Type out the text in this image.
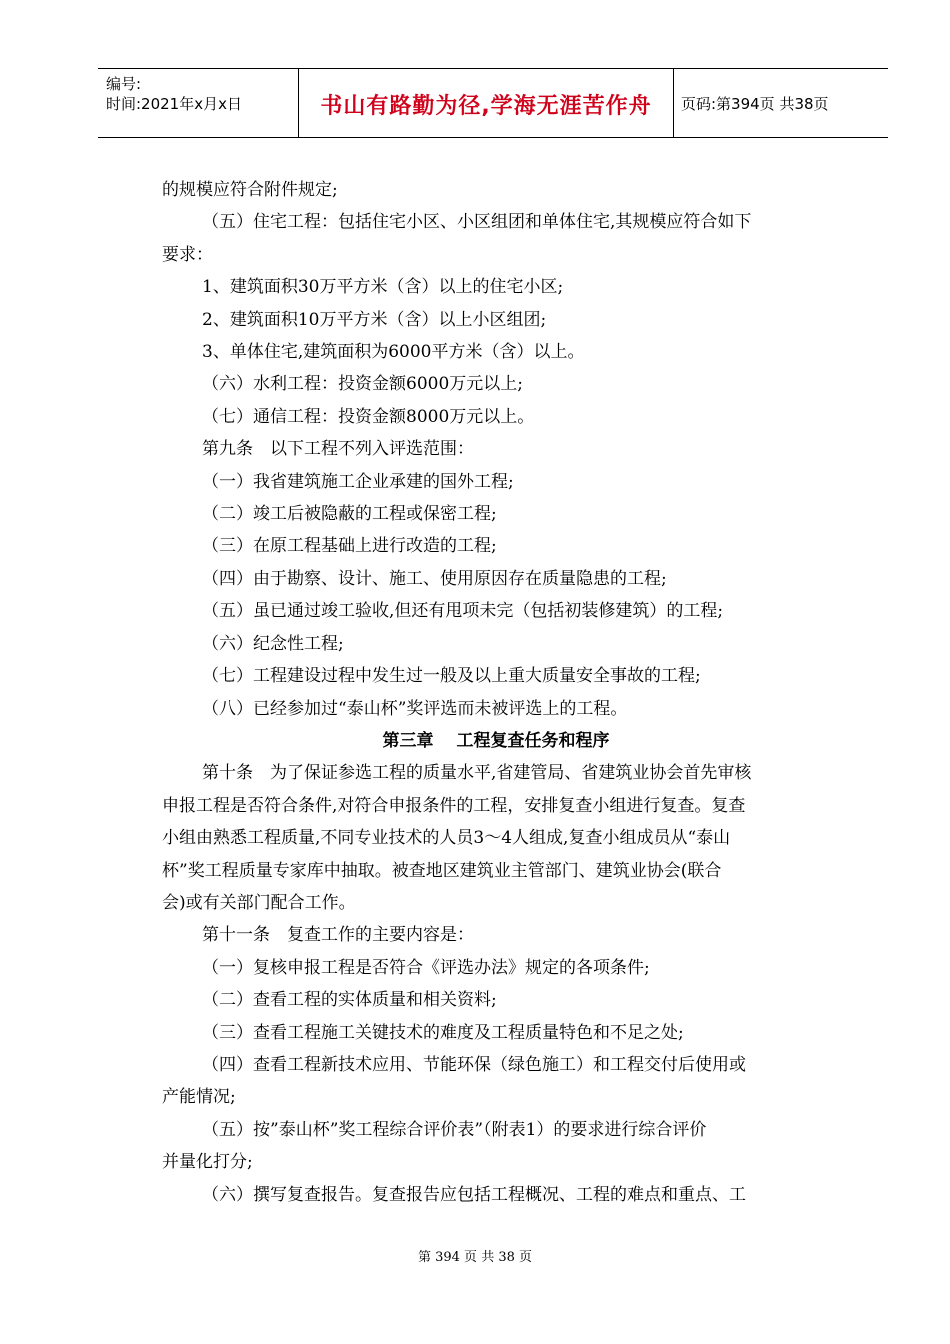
编号:
时间:2021年x月x日	书山有路勤为径,学海无涯苦作舟	页码:第394页 共38页
的规模应符合附件规定;
（五）住宅工程：包括住宅小区、小区组团和单体住宅,其规模应符合如下
要求：
1、建筑面积30万平方米（含）以上的住宅小区;
2、建筑面积10万平方米（含）以上小区组团;
3、单体住宅,建筑面积为6000平方米（含）以上。
（六）水利工程：投资金额6000万元以上;
（七）通信工程：投资金额8000万元以上。
第九条　以下工程不列入评选范围：
（一）我省建筑施工企业承建的国外工程;
（二）竣工后被隐蔽的工程或保密工程;
（三）在原工程基础上进行改造的工程;
（四）由于勘察、设计、施工、使用原因存在质量隐患的工程;
（五）虽已通过竣工验收,但还有甩项未完（包括初装修建筑）的工程;
（六）纪念性工程;
（七）工程建设过程中发生过一般及以上重大质量安全事故的工程;
（八）已经参加过“泰山杯”奖评选而未被评选上的工程。
第三章　 工程复查任务和程序
第十条　为了保证参选工程的质量水平,省建管局、省建筑业协会首先审核
申报工程是否符合条件,对符合申报条件的工程，安排复查小组进行复查。复查
小组由熟悉工程质量,不同专业技术的人员3～4人组成,复查小组成员从“泰山
杯”奖工程质量专家库中抽取。被查地区建筑业主管部门、建筑业协会(联合
会)或有关部门配合工作。
第十一条　复查工作的主要内容是：
（一）复核申报工程是否符合《评选办法》规定的各项条件;
（二）查看工程的实体质量和相关资料;
（三）查看工程施工关键技术的难度及工程质量特色和不足之处;
（四）查看工程新技术应用、节能环保（绿色施工）和工程交付后使用或
产能情况;
（五）按”泰山杯”奖工程综合评价表”（附表1）的要求进行综合评价
并量化打分;
（六）撰写复查报告。复查报告应包括工程概况、工程的难点和重点、工
第 394 页 共 38 页
